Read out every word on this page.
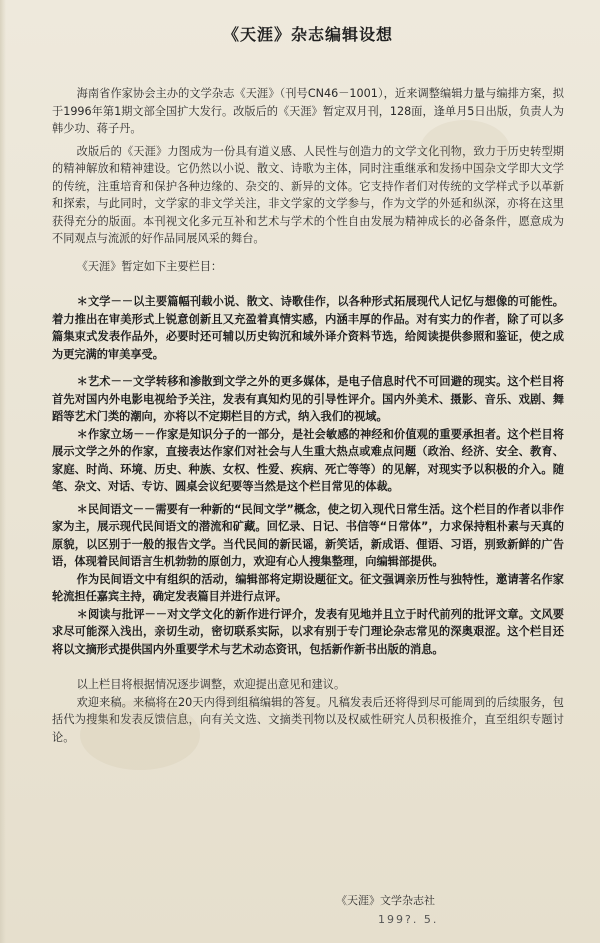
《天涯》杂志编辑设想

海南省作家协会主办的文学杂志《天涯》（刊号CN46－1001），近来调整编辑力量与编排方案，拟于1996年第1期文部全国扩大发行。改版后的《天涯》暂定双月刊，128面，逢单月5日出版，负责人为韩少功、蒋子丹。

改版后的《天涯》力图成为一份具有道义感、人民性与创造力的文学文化刊物，致力于历史转型期的精神解放和精神建设。它仍然以小说、散文、诗歌为主体，同时注重继承和发扬中国杂文学即大文学的传统，注重培育和保护各种边缘的、杂交的、新异的文体。它支持作者们对传统的文学样式予以革新和探索，与此同时，文学家的非文学关注，非文学家的文学参与，作为文学的外延和纵深，亦将在这里获得充分的版面。本刊视文化多元互补和艺术与学术的个性自由发展为精神成长的必备条件，愿意成为不同观点与流派的好作品同展风采的舞台。

《天涯》暂定如下主要栏目：

＊文学－－以主要篇幅刊载小说、散文、诗歌佳作，以各种形式拓展现代人记忆与想像的可能性。着力推出在审美形式上锐意创新且又充盈着真情实感，内涵丰厚的作品。对有实力的作者，除了可以多篇集束式发表作品外，必要时还可辅以历史钩沉和域外译介资料节选，给阅读提供参照和鉴证，使之成为更完满的审美享受。

＊艺术－－文学转移和渗散到文学之外的更多媒体，是电子信息时代不可回避的现实。这个栏目将首先对国内外电影电视给予关注，发表有真知灼见的引导性评介。国内外美术、摄影、音乐、戏剧、舞蹈等艺术门类的潮向，亦将以不定期栏目的方式，纳入我们的视域。

＊作家立场－－作家是知识分子的一部分，是社会敏感的神经和价值观的重要承担者。这个栏目将展示文学之外的作家，直接表达作家们对社会与人生重大热点或难点问题（政治、经济、安全、教育、家庭、时尚、环境、历史、种族、女权、性爱、疾病、死亡等等）的见解，对现实予以积极的介入。随笔、杂文、对话、专访、圆桌会议纪要等当然是这个栏目常见的体裁。

＊民间语文－－需要有一种新的“民间文学”概念，使之切入现代日常生活。这个栏目的作者以非作家为主，展示现代民间语文的潜流和矿藏。回忆录、日记、书信等“日常体”，力求保持粗朴素与天真的原貌，以区别于一般的报告文学。当代民间的新民谣，新笑话，新成语、俚语、习语，别致新鲜的广告语，体现着民间语言生机勃勃的原创力，欢迎有心人搜集整理，向编辑部提供。

作为民间语文中有组织的活动，编辑部将定期设题征文。征文强调亲历性与独特性，邀请著名作家轮流担任嘉宾主持，确定发表篇目并进行点评。

＊阅读与批评－－对文学文化的新作进行评介，发表有见地并且立于时代前列的批评文章。文风要求尽可能深入浅出，亲切生动，密切联系实际，以求有别于专门理论杂志常见的深奥艰涩。这个栏目还将以文摘形式提供国内外重要学术与艺术动态资讯，包括新作新书出版的消息。

以上栏目将根据情况逐步调整，欢迎提出意见和建议。

欢迎来稿。来稿将在20天内得到组稿编辑的答复。凡稿发表后还将得到尽可能周到的后续服务，包括代为搜集和发表反馈信息，向有关文选、文摘类刊物以及权威性研究人员积极推介，直至组织专题讨论。

《天涯》文学杂志社
199?. 5.
